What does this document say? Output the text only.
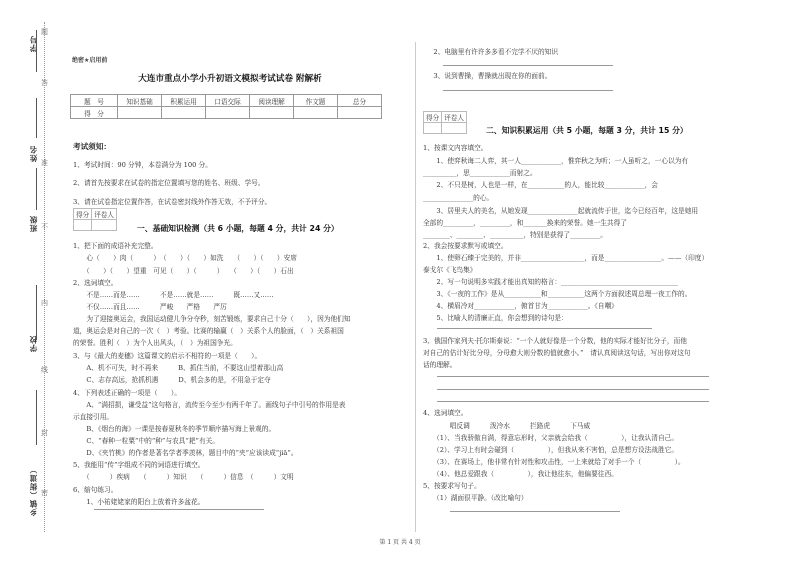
题
答
准
不
内
线
封
密
学号
姓名
班级
学校
乡镇（街道）
绝密★启用前
大连市重点小学小升初语文模拟考试试卷 附解析
题　号	知识基础	积累运用	口语交际	阅读理解	作文题	总分
得　分						
考试须知：
1、考试时间：90 分钟，本卷满分为 100 分。
2、请首先按要求在试卷的指定位置填写您的姓名、班级、学号。
3、请在试卷指定位置作答，在试卷密封线外作答无效，不予评分。
得分	评卷人

一、基础知识检测（共 6 小题，每题 4 分，共计 24 分）
1、把下面的成语补充完整。
　　心（　　）肉（　　　）　（　　）（　　）如洗　　（　　）（　　）安席
　　（　　）（　　）望重　可见（　　）（　　　）　　（　　）（　　）石出
2、选词填空。
　　不是……而是……　　　不是……就是……　　　既……又……
　　不仅……而且……　　　严峻　　严格　　严厉
　　为了迎接奥运会，我国运动健儿争分夺秒，刻苦锻炼，要求自己十分（　　），因为他们知
道，奥运会是对自己的一次（　）考验。比赛的输赢（　）关系个人的脸面，（　）关系祖国
的荣誉。胜利（　）为个人出风头，（　）为祖国争光。
3、与《最大的麦穗》这篇课文的启示不相符的一项是（　　）。
　　A、机不可失，时不再来　　　B、抓住当前，不要这山望着那山高
　　C、志存高远，抢抓机遇　　　D、机会多的是，不用急于定夺
4、下列表述正确的一项是（　　）。
　　A、“满招损，谦受益”这句格言，流传至今至少有两千年了。画线句子中引号的作用是表
示直接引用。
　　B、《烟台的海》一课是按春夏秋冬的季节顺序描写海上景观的。
　　C、“春种一粒粟”中的“种”与农具“耙”有关。
　　D、《夹竹桃》的作者是著名学者季羡林，题目中的“夹”应该读成“jiā”。
5、我能用“传”字组成不同的词语进行填空。
　　（　　　）疾病　　（　　　）知识　　（　　　）信息　（　　　）文明
6、缩句练习。
　　1、小祐姥姥家的阳台上放着许多盆花。
　　2、电脑里有许许多多看不完学不厌的知识
　　3、说到曹操，曹操就出现在你的面前。
得分	评卷人

二、知识积累运用（共 5 小题，每题 3 分，共计 15 分）
1、按课文内容填空。
　　1、使弈秋诲二人弈，其一人____________，惟弈秋之为听；一人虽听之，一心以为有
__________，思____________而射之。
　　2、不只是树，人也是一样，在___________的人，能比较____________，会
_______________的心。
　　3、居里夫人的美名，从她发现_______________起就流传于世，迄今已经百年，这是她用
全部的_________，_________，和_______换来的荣誉。她一生共得了
________、________、__________，特别是获得了_________。
2、我会按要求默写或填空。
　　1、使卵石臻于完美的，并非___________________，而是_________________。——（印度）
泰戈尔《飞鸟集》
　　2、写一句说明多实践才能出真知的格言：___________________________________
　　3、《一夜的工作》是从___________和___________这两个方面叙述周总理一夜工作的。
　　4、横眉冷对____________，俯首甘为____________。《自嘲》
　　5、比喻人的清廉正直，你会想到的诗句是：
3、俄国作家列夫·托尔斯泰说：“一个人就好像是一个分数，他的实际才能好比分子，而他
对自己的估计好比分母，分母愈大则分数的值就愈小。”　请认真阅读这句话，写出你对这句
话的理解。
4、选词填空。
　　　　唱反调　　　泼冷水　　　拦路虎　　　下马威
　　（1）、当我骄傲自满，得意忘形时，父亲就会给我（　　　　　），让我认清自己。
　　（2）、学习上有时会碰到（　　　　　），但我从来不害怕，总是想方设法战胜它。
　　（3）、在赛场上，他非常有针对性和攻击性，一上来就给了对手一个（　　　　　）。
　　（4）、他总爱跟我（　　　　　），我让他往东，他偏要往西。
5、按要求写句子。
　　（1）湖面很平静。（改比喻句）
第 1 页 共 4 页
